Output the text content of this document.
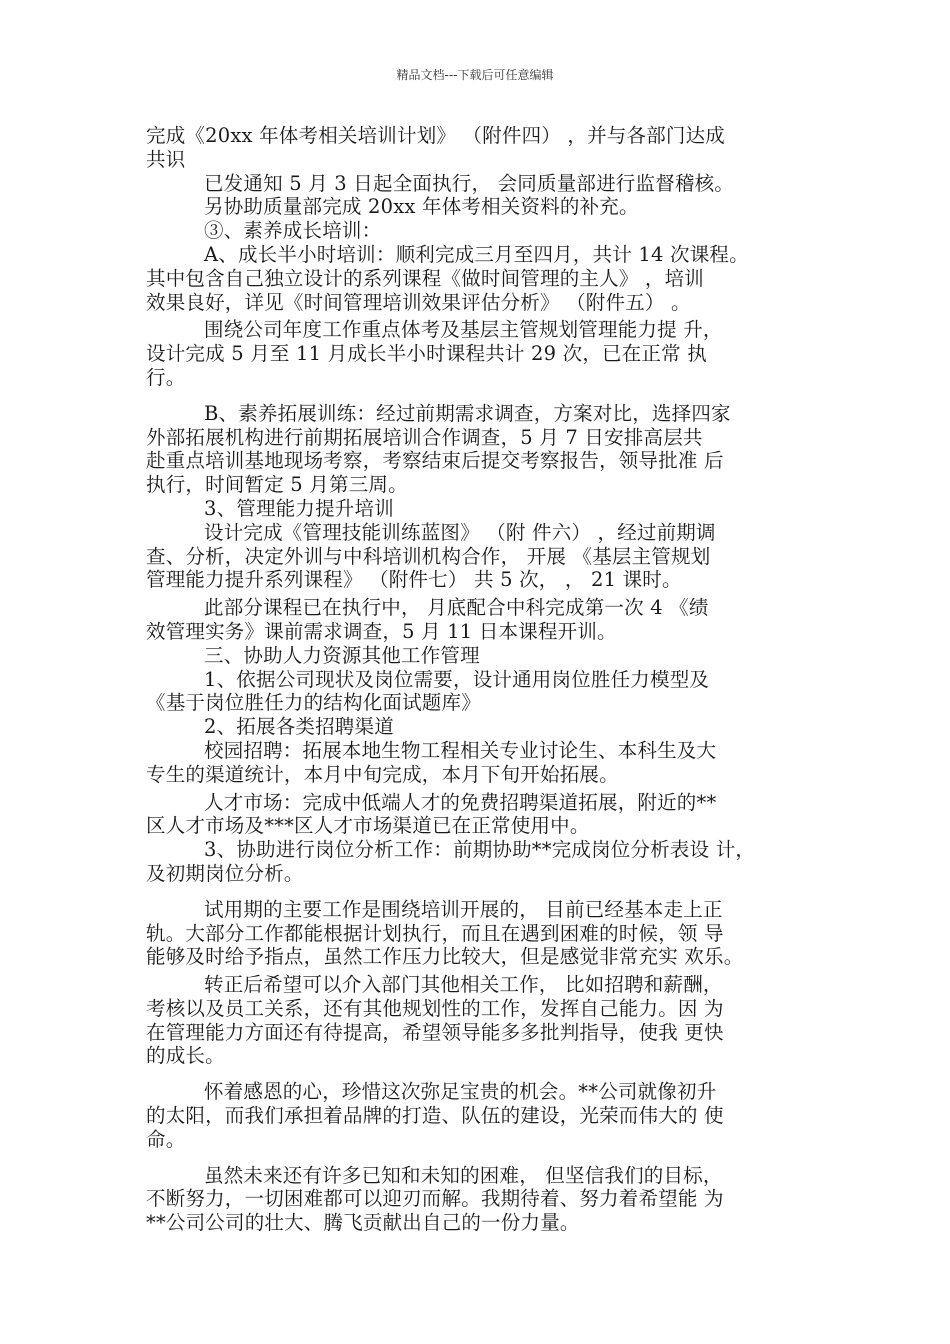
精品文档---下载后可任意编辑
完成《20xx 年体考相关培训计划》 （附件四） ，并与各部门达成
共识
已发通知 5 月 3 日起全面执行， 会同质量部进行监督稽核。
另协助质量部完成 20xx 年体考相关资料的补充。
③、素养成长培训：
A、成长半小时培训：顺利完成三月至四月，共计 14 次课程。
其中包含自己独立设计的系列课程《做时间管理的主人》 ，培训
效果良好，详见《时间管理培训效果评估分析》 （附件五） 。
围绕公司年度工作重点体考及基层主管规划管理能力提 升，
设计完成 5 月至 11 月成长半小时课程共计 29 次，已在正常 执
行。
B、素养拓展训练：经过前期需求调查，方案对比，选择四家
外部拓展机构进行前期拓展培训合作调查，5 月 7 日安排高层共
赴重点培训基地现场考察，考察结束后提交考察报告，领导批准 后
执行，时间暂定 5 月第三周。
3、管理能力提升培训
设计完成《管理技能训练蓝图》 （附 件六） ，经过前期调
查、分析，决定外训与中科培训机构合作， 开展 《基层主管规划
管理能力提升系列课程》 （附件七） 共 5 次， ， 21 课时。
此部分课程已在执行中， 月底配合中科完成第一次 4 《绩
效管理实务》课前需求调查，5 月 11 日本课程开训。
三、协助人力资源其他工作管理
1、依据公司现状及岗位需要，设计通用岗位胜任力模型及
《基于岗位胜任力的结构化面试题库》
2、拓展各类招聘渠道
校园招聘：拓展本地生物工程相关专业讨论生、本科生及大
专生的渠道统计，本月中旬完成，本月下旬开始拓展。
人才市场：完成中低端人才的免费招聘渠道拓展，附近的**
区人才市场及***区人才市场渠道已在正常使用中。
3、协助进行岗位分析工作：前期协助**完成岗位分析表设 计，
及初期岗位分析。
试用期的主要工作是围绕培训开展的， 目前已经基本走上正
轨。大部分工作都能根据计划执行，而且在遇到困难的时候，领 导
能够及时给予指点，虽然工作压力比较大，但是感觉非常充实 欢乐。
转正后希望可以介入部门其他相关工作， 比如招聘和薪酬，
考核以及员工关系，还有其他规划性的工作，发挥自己能力。因 为
在管理能力方面还有待提高，希望领导能多多批判指导，使我 更快
的成长。
怀着感恩的心，珍惜这次弥足宝贵的机会。**公司就像初升
的太阳，而我们承担着品牌的打造、队伍的建设，光荣而伟大的 使
命。
虽然未来还有许多已知和未知的困难， 但坚信我们的目标，
不断努力，一切困难都可以迎刃而解。我期待着、努力着希望能 为
**公司公司的壮大、腾飞贡献出自己的一份力量。
